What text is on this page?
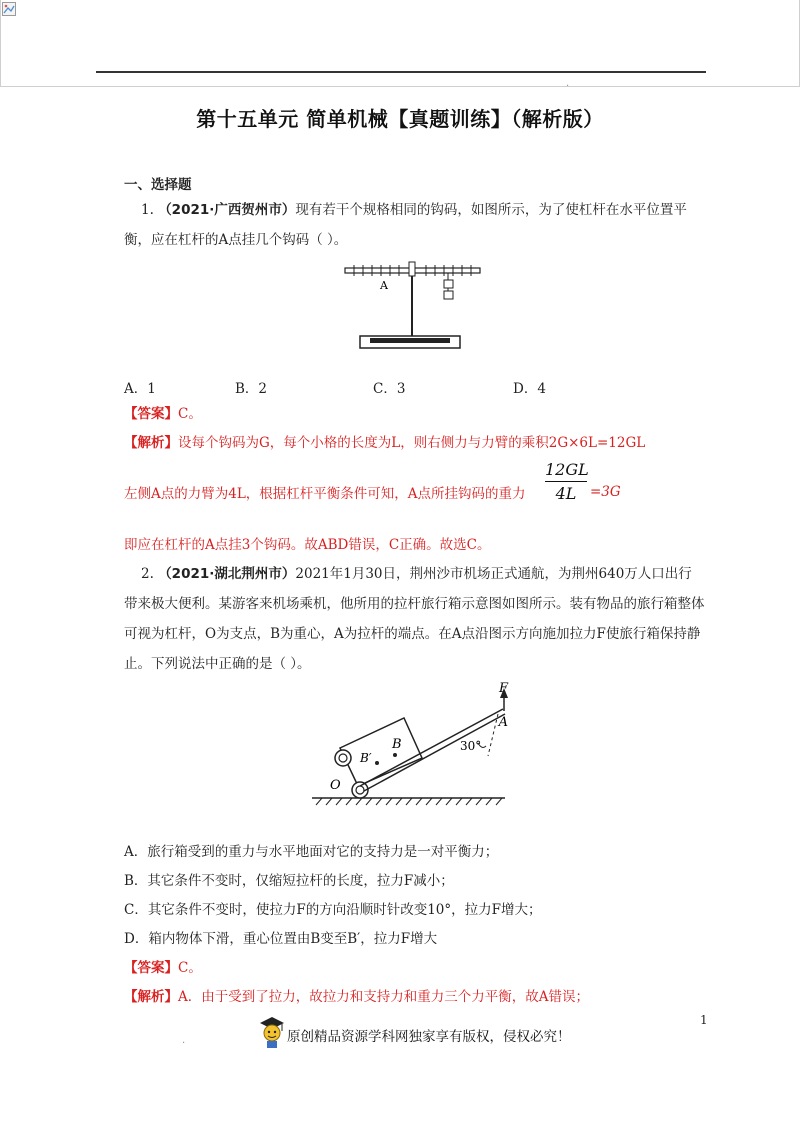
.
第十五单元 简单机械【真题训练】（解析版）
一、选择题
1. （2021·广西贺州市）现有若干个规格相同的钩码，如图所示，为了使杠杆在水平位置平
衡，应在杠杆的A点挂几个钩码（ ）。
A
A．1	B．2	C．3	D．4
【答案】C。
【解析】设每个钩码为G，每个小格的长度为L，则右侧力与力臂的乘积2G×6L=12GL
左侧A点的力臂为4L，根据杠杆平衡条件可知，A点所挂钩码的重力 $\frac{12GL}{4L} =3G$
即应在杠杆的A点挂3个钩码。故ABD错误，C正确。故选C。
2. （2021·湖北荆州市）2021年1月30日，荆州沙市机场正式通航，为荆州640万人口出行
带来极大便利。某游客来机场乘机，他所用的拉杆旅行箱示意图如图所示。装有物品的旅行箱整体
可视为杠杆，O为支点，B为重心，A为拉杆的端点。在A点沿图示方向施加拉力F使旅行箱保持静
止。下列说法中正确的是（ ）。
F
A
B
B′
O
30°
A．旅行箱受到的重力与水平地面对它的支持力是一对平衡力；
B．其它条件不变时，仅缩短拉杆的长度，拉力F减小；
C．其它条件不变时，使拉力F的方向沿顺时针改变10°，拉力F增大；
D．箱内物体下滑，重心位置由B变至B′，拉力F增大
【答案】C。
【解析】A．由于受到了拉力，故拉力和支持力和重力三个力平衡，故A错误；
1
.	原创精品资源学科网独家享有版权，侵权必究！
